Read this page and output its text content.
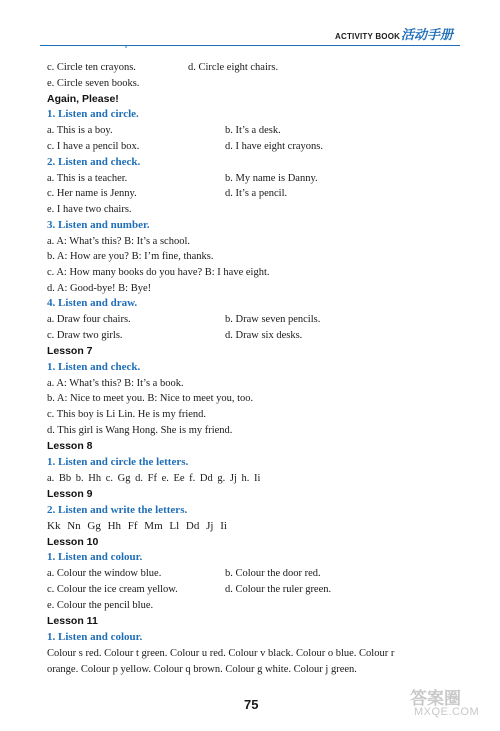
ACTIVITY BOOK 活动手册
c. Circle ten crayons.	d. Circle eight chairs.
e. Circle seven books.
Again, Please!
1. Listen and circle.
a. This is a boy.	b. It’s a desk.
c. I have a pencil box.	d. I have eight crayons.
2. Listen and check.
a. This is a teacher.	b. My name is Danny.
c. Her name is Jenny.	d. It’s a pencil.
e. I have two chairs.
3. Listen and number.
a. A: What’s this? B: It’s a school.
b. A: How are you? B: I’m fine, thanks.
c. A: How many books do you have? B: I have eight.
d. A: Good-bye! B: Bye!
4. Listen and draw.
a. Draw four chairs.	b. Draw seven pencils.
c. Draw two girls.	d. Draw six desks.
Lesson 7
1. Listen and check.
a. A: What’s this? B: It’s a book.
b. A: Nice to meet you. B: Nice to meet you, too.
c. This boy is Li Lin. He is my friend.
d. This girl is Wang Hong. She is my friend.
Lesson 8
1. Listen and circle the letters.
a. Bb b. Hh c. Gg d. Ff e. Ee f. Dd g. Jj h. Ii
Lesson 9
2. Listen and write the letters.
Kk Nn Gg Hh Ff Mm Ll Dd Jj Ii
Lesson 10
1. Listen and colour.
a. Colour the window blue.	b. Colour the door red.
c. Colour the ice cream yellow.	d. Colour the ruler green.
e. Colour the pencil blue.
Lesson 11
1. Listen and colour.
Colour s red. Colour t green. Colour u red. Colour v black. Colour o blue. Colour r
orange. Colour p yellow. Colour q brown. Colour g white. Colour j green.
75	答案圈
MXQE.COM
